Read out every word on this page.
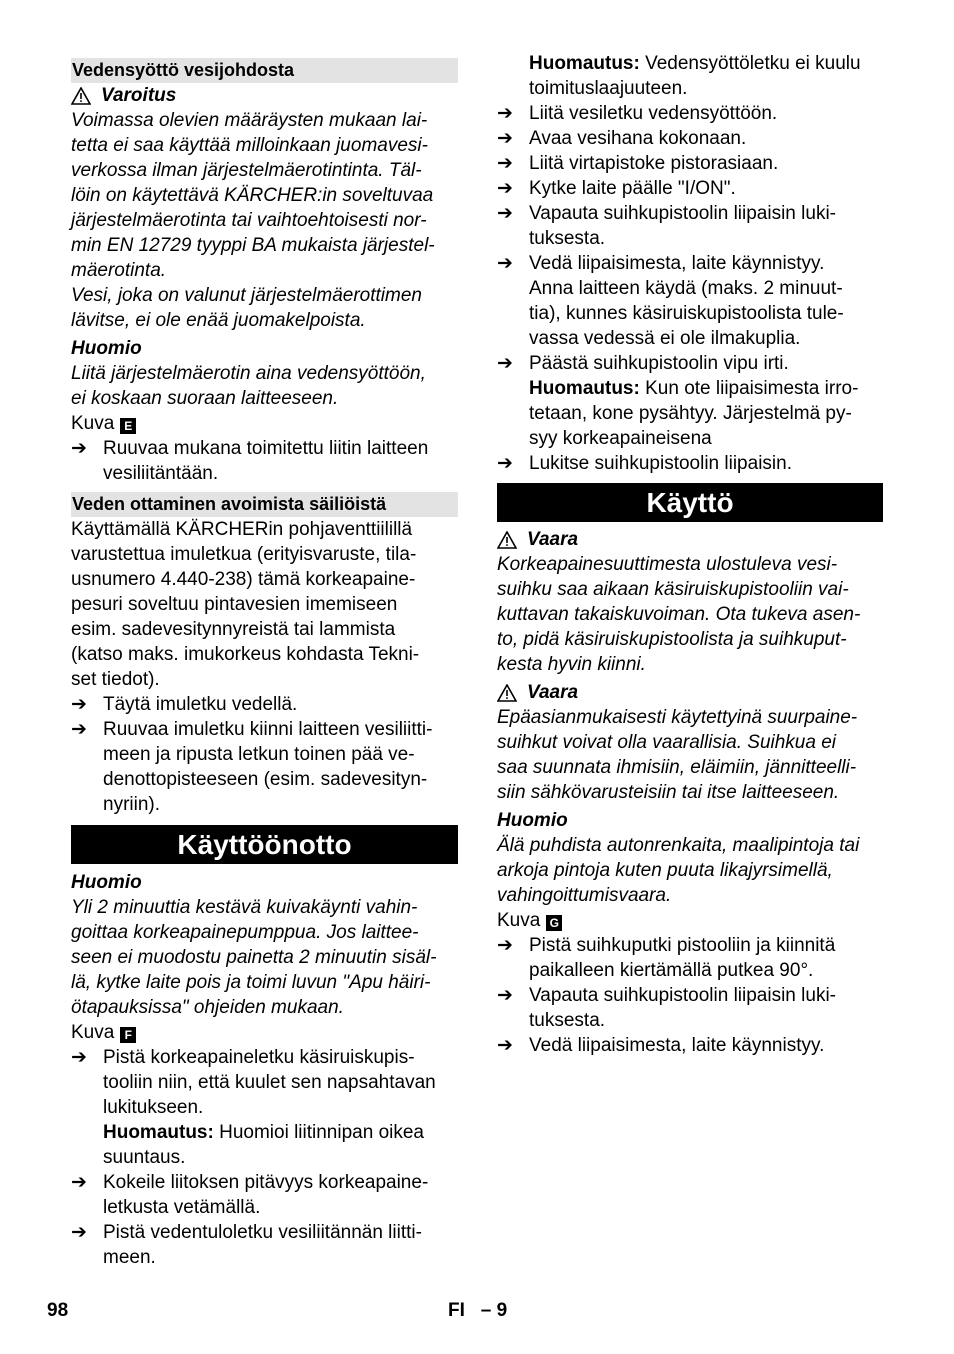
Vedensyöttö vesijohdosta
Varoitus
Voimassa olevien määräysten mukaan lai-
tetta ei saa käyttää milloinkaan juomavesi-
verkossa ilman järjestelmäerotintinta. Täl-
löin on käytettävä KÄRCHER:in soveltuvaa
järjestelmäerotinta tai vaihtoehtoisesti nor-
min EN 12729 tyyppi BA mukaista järjestel-
mäerotinta.
Vesi, joka on valunut järjestelmäerottimen
lävitse, ei ole enää juomakelpoista.
Huomio
Liitä järjestelmäerotin aina vedensyöttöön,
ei koskaan suoraan laitteeseen.
Kuva E
➔ Ruuvaa mukana toimitettu liitin laitteen
vesiliitäntään.
Veden ottaminen avoimista säiliöistä
Käyttämällä KÄRCHERin pohjaventtiilillä
varustettua imuletkua (erityisvaruste, tila-
usnumero 4.440-238) tämä korkeapaine-
pesuri soveltuu pintavesien imemiseen
esim. sadevesitynnyreistä tai lammista
(katso maks. imukorkeus kohdasta Tekni-
set tiedot).
➔ Täytä imuletku vedellä.
➔ Ruuvaa imuletku kiinni laitteen vesiliitti-
meen ja ripusta letkun toinen pää ve-
denottopisteeseen (esim. sadevesityn-
nyriin).
Käyttöönotto
Huomio
Yli 2 minuuttia kestävä kuivakäynti vahin-
goittaa korkeapainepumppua. Jos laittee-
seen ei muodostu painetta 2 minuutin sisäl-
lä, kytke laite pois ja toimi luvun "Apu häiri-
ötapauksissa" ohjeiden mukaan.
Kuva F
➔ Pistä korkeapaineletku käsiruiskupis-
tooliin niin, että kuulet sen napsahtavan
lukitukseen.
Huomautus: Huomioi liitinnipan oikea
suuntaus.
➔ Kokeile liitoksen pitävyys korkeapaine-
letkusta vetämällä.
➔ Pistä vedentuloletku vesiliitännän liitti-
meen.
Huomautus: Vedensyöttöletku ei kuulu
toimituslaajuuteen.
➔ Liitä vesiletku vedensyöttöön.
➔ Avaa vesihana kokonaan.
➔ Liitä virtapistoke pistorasiaan.
➔ Kytke laite päälle "I/ON".
➔ Vapauta suihkupistoolin liipaisin luki-
tuksesta.
➔ Vedä liipaisimesta, laite käynnistyy.
Anna laitteen käydä (maks. 2 minuut-
tia), kunnes käsiruiskupistoolista tule-
vassa vedessä ei ole ilmakuplia.
➔ Päästä suihkupistoolin vipu irti.
Huomautus: Kun ote liipaisimesta irro-
tetaan, kone pysähtyy. Järjestelmä py-
syy korkeapaineisena
➔ Lukitse suihkupistoolin liipaisin.
Käyttö
Vaara
Korkeapainesuuttimesta ulostuleva vesi-
suihku saa aikaan käsiruiskupistooliin vai-
kuttavan takaiskuvoiman. Ota tukeva asen-
to, pidä käsiruiskupistoolista ja suihkuput-
kesta hyvin kiinni.
Vaara
Epäasianmukaisesti käytettyinä suurpaine-
suihkut voivat olla vaarallisia. Suihkua ei
saa suunnata ihmisiin, eläimiin, jännitteelli-
siin sähkövarusteisiin tai itse laitteeseen.
Huomio
Älä puhdista autonrenkaita, maalipintoja tai
arkoja pintoja kuten puuta likajyrsimellä,
vahingoittumisvaara.
Kuva G
➔ Pistä suihkuputki pistooliin ja kiinnitä
paikalleen kiertämällä putkea 90°.
➔ Vapauta suihkupistoolin liipaisin luki-
tuksesta.
➔ Vedä liipaisimesta, laite käynnistyy.
98	FI   – 9
